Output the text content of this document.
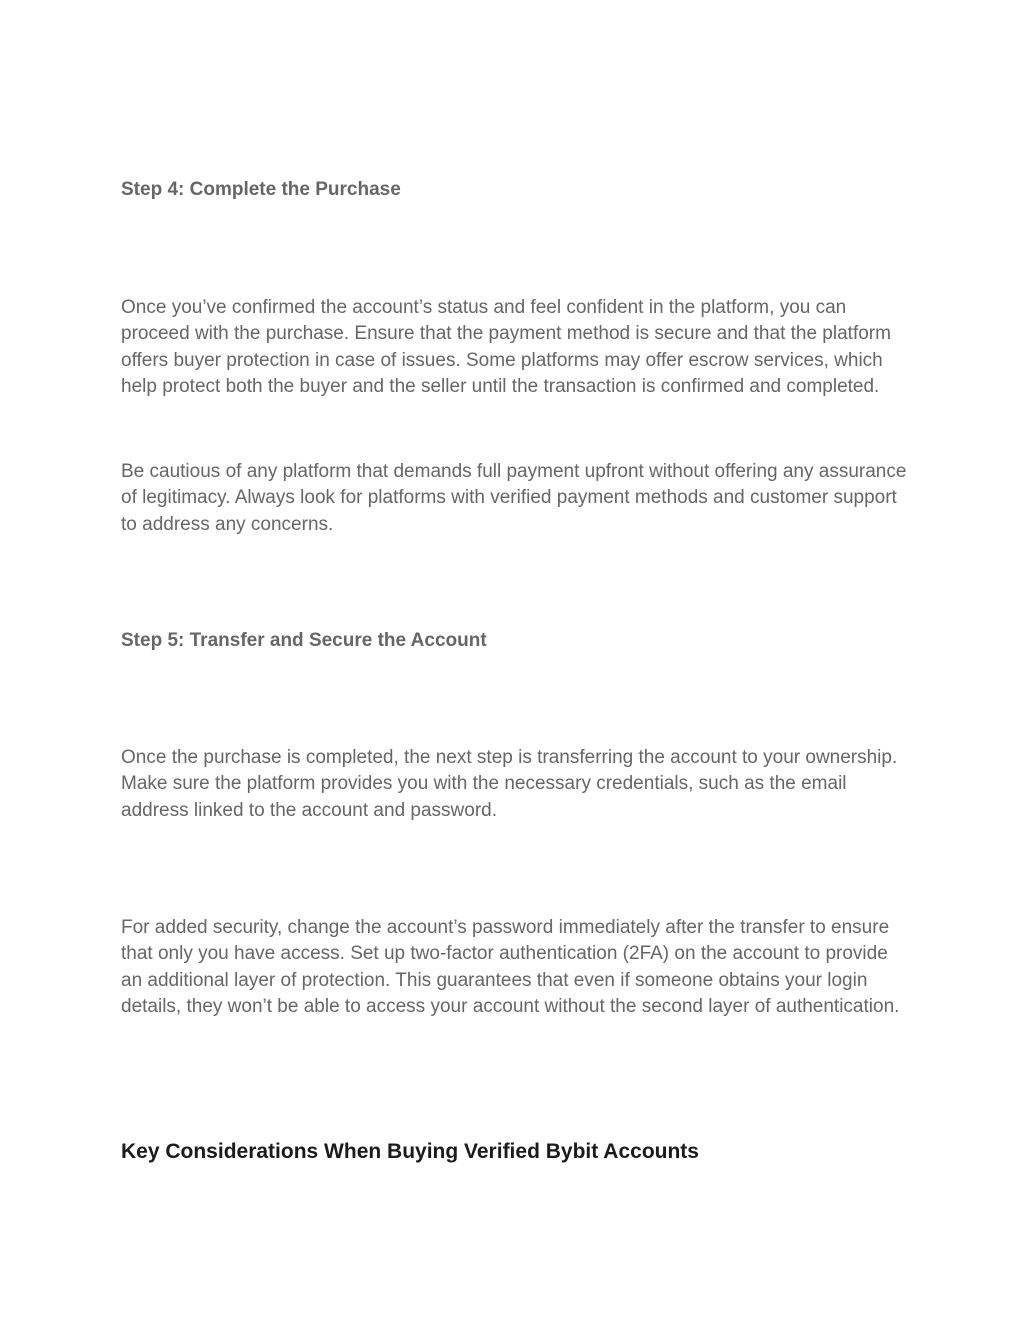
Step 4: Complete the Purchase

Once you’ve confirmed the account’s status and feel confident in the platform, you can proceed with the purchase. Ensure that the payment method is secure and that the platform offers buyer protection in case of issues. Some platforms may offer escrow services, which help protect both the buyer and the seller until the transaction is confirmed and completed.

Be cautious of any platform that demands full payment upfront without offering any assurance of legitimacy. Always look for platforms with verified payment methods and customer support to address any concerns.

Step 5: Transfer and Secure the Account

Once the purchase is completed, the next step is transferring the account to your ownership. Make sure the platform provides you with the necessary credentials, such as the email address linked to the account and password.

For added security, change the account’s password immediately after the transfer to ensure that only you have access. Set up two-factor authentication (2FA) on the account to provide an additional layer of protection. This guarantees that even if someone obtains your login details, they won’t be able to access your account without the second layer of authentication.

Key Considerations When Buying Verified Bybit Accounts
